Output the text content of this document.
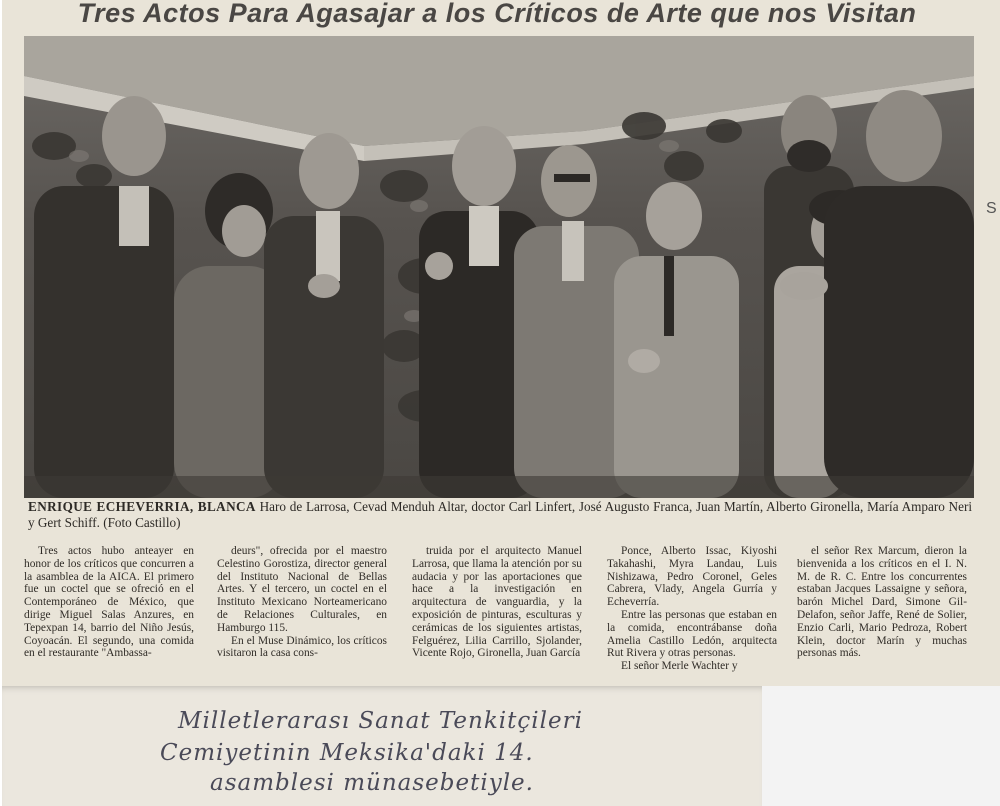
Tres Actos Para Agasajar a los Críticos de Arte que nos Visitan
ENRIQUE ECHEVERRIA, BLANCA Haro de Larrosa, Cevad Menduh Altar, doctor Carl Linfert, José Augusto Franca, Juan Martín, Alberto Gironella, María Amparo Neri y Gert Schiff. (Foto Castillo)

Tres actos hubo anteayer en honor de los críticos que concurren a la asamblea de la AICA. El primero fue un coctel que se ofreció en el Contemporáneo de México, que dirige Miguel Salas Anzures, en Tepexpan 14, barrio del Niño Jesús, Coyoacán. El segundo, una comida en el restaurante "Ambassa-

deurs", ofrecida por el maestro Celestino Gorostiza, director general del Instituto Nacional de Bellas Artes. Y el tercero, un coctel en el Instituto Mexicano Norteamericano de Relaciones Culturales, en Hamburgo 115.

En el Muse Dinámico, los críticos visitaron la casa cons-

truida por el arquitecto Manuel Larrosa, que llama la atención por su audacia y por las aportaciones que hace a la investigación en arquitectura de vanguardia, y la exposición de pinturas, esculturas y cerámicas de los siguientes artistas, Felguérez, Lilia Carrillo, Sjolander, Vicente Rojo, Gironella, Juan García

Ponce, Alberto Issac, Kiyoshi Takahashi, Myra Landau, Luis Nishizawa, Pedro Coronel, Geles Cabrera, Vlady, Angela Gurría y Echeverría.

Entre las personas que estaban en la comida, encontrábanse doña Amelia Castillo Ledón, arquitecta Rut Rivera y otras personas.

El señor Merle Wachter y

el señor Rex Marcum, dieron la bienvenida a los críticos en el I. N. M. de R. C. Entre los concurrentes estaban Jacques Lassaigne y señora, barón Michel Dard, Simone Gil-Delafon, señor Jaffe, René de Solier, Enzio Carli, Mario Pedroza, Robert Klein, doctor Marín y muchas personas más.

S
Milletlerarası Sanat Tenkitçileri
Cemiyetinin Meksika'daki 14.
asamblesi münasebetiyle.
